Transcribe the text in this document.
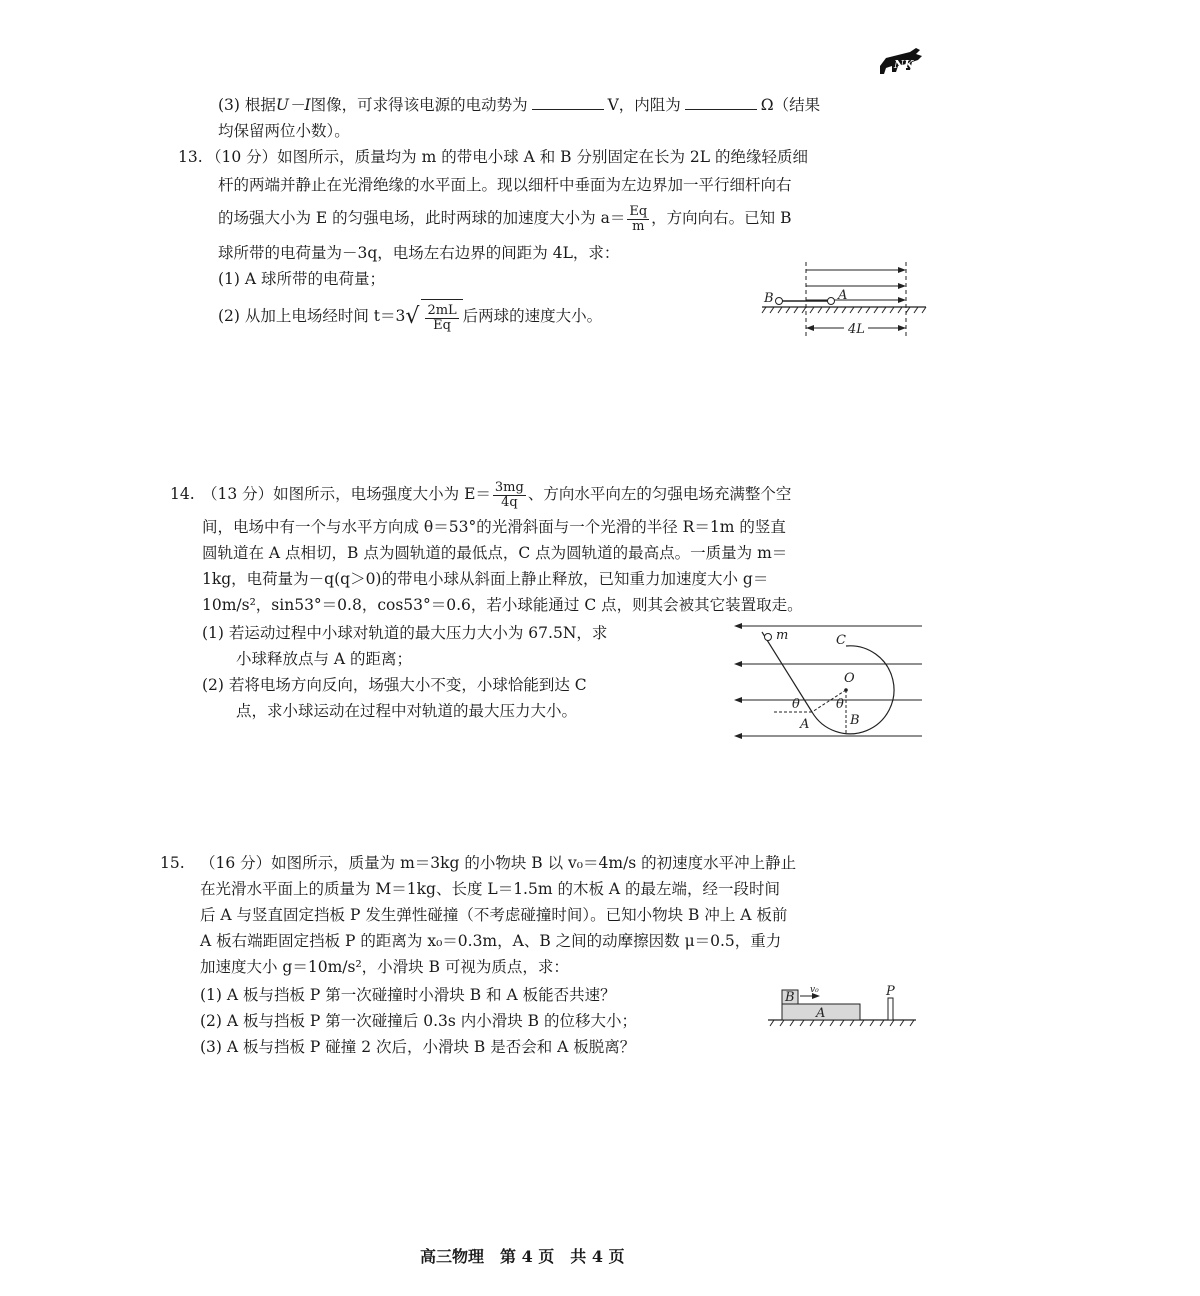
NK
(3) 根据U－I图像，可求得该电源的电动势为	V，内阻为	Ω（结果
均保留两位小数）。
13. （10 分）如图所示，质量均为 m 的带电小球 A 和 B 分别固定在长为 2L 的绝缘轻质细
杆的两端并静止在光滑绝缘的水平面上。现以细杆中垂面为左边界加一平行细杆向右
的场强大小为 E 的匀强电场，此时两球的加速度大小为 $a= \frac{Eq}{m}$ ，方向向右。已知 B
球所带的电荷量为－3q，电场左右边界的间距为 4L，求：
(1) A 球所带的电荷量；
(2) 从加上电场经时间 $t=3√ \frac{2mL}{Eq}$ 后两球的速度大小。
B	A
4L
14. （13 分）如图所示，电场强度大小为 $E= \frac{3mg}{4q}$ 、方向水平向左的匀强电场充满整个空
间，电场中有一个与水平方向成 θ＝53°的光滑斜面与一个光滑的半径 R＝1m 的竖直
圆轨道在 A 点相切，B 点为圆轨道的最低点，C 点为圆轨道的最高点。一质量为 m＝
1kg，电荷量为－q(q＞0)的带电小球从斜面上静止释放，已知重力加速度大小 g＝
10m/s²，sin53°＝0.8，cos53°＝0.6，若小球能通过 C 点，则其会被其它装置取走。
(1) 若运动过程中小球对轨道的最大压力大小为 67.5N，求
小球释放点与 A 的距离；
(2) 若将电场方向反向，场强大小不变，小球恰能到达 C
点，求小球运动在过程中对轨道的最大压力大小。
m	C
O
θ	θ
A	B
15. （16 分）如图所示，质量为 m＝3kg 的小物块 B 以 v₀＝4m/s 的初速度水平冲上静止
在光滑水平面上的质量为 M＝1kg、长度 L＝1.5m 的木板 A 的最左端，经一段时间
后 A 与竖直固定挡板 P 发生弹性碰撞（不考虑碰撞时间）。已知小物块 B 冲上 A 板前
A 板右端距固定挡板 P 的距离为 x₀＝0.3m，A、B 之间的动摩擦因数 μ＝0.5，重力
加速度大小 g＝10m/s²，小滑块 B 可视为质点，求：
(1) A 板与挡板 P 第一次碰撞时小滑块 B 和 A 板能否共速？
(2) A 板与挡板 P 第一次碰撞后 0.3s 内小滑块 B 的位移大小；
(3) A 板与挡板 P 碰撞 2 次后，小滑块 B 是否会和 A 板脱离？
B v₀
A
P
高三物理　第 4 页　共 4 页
